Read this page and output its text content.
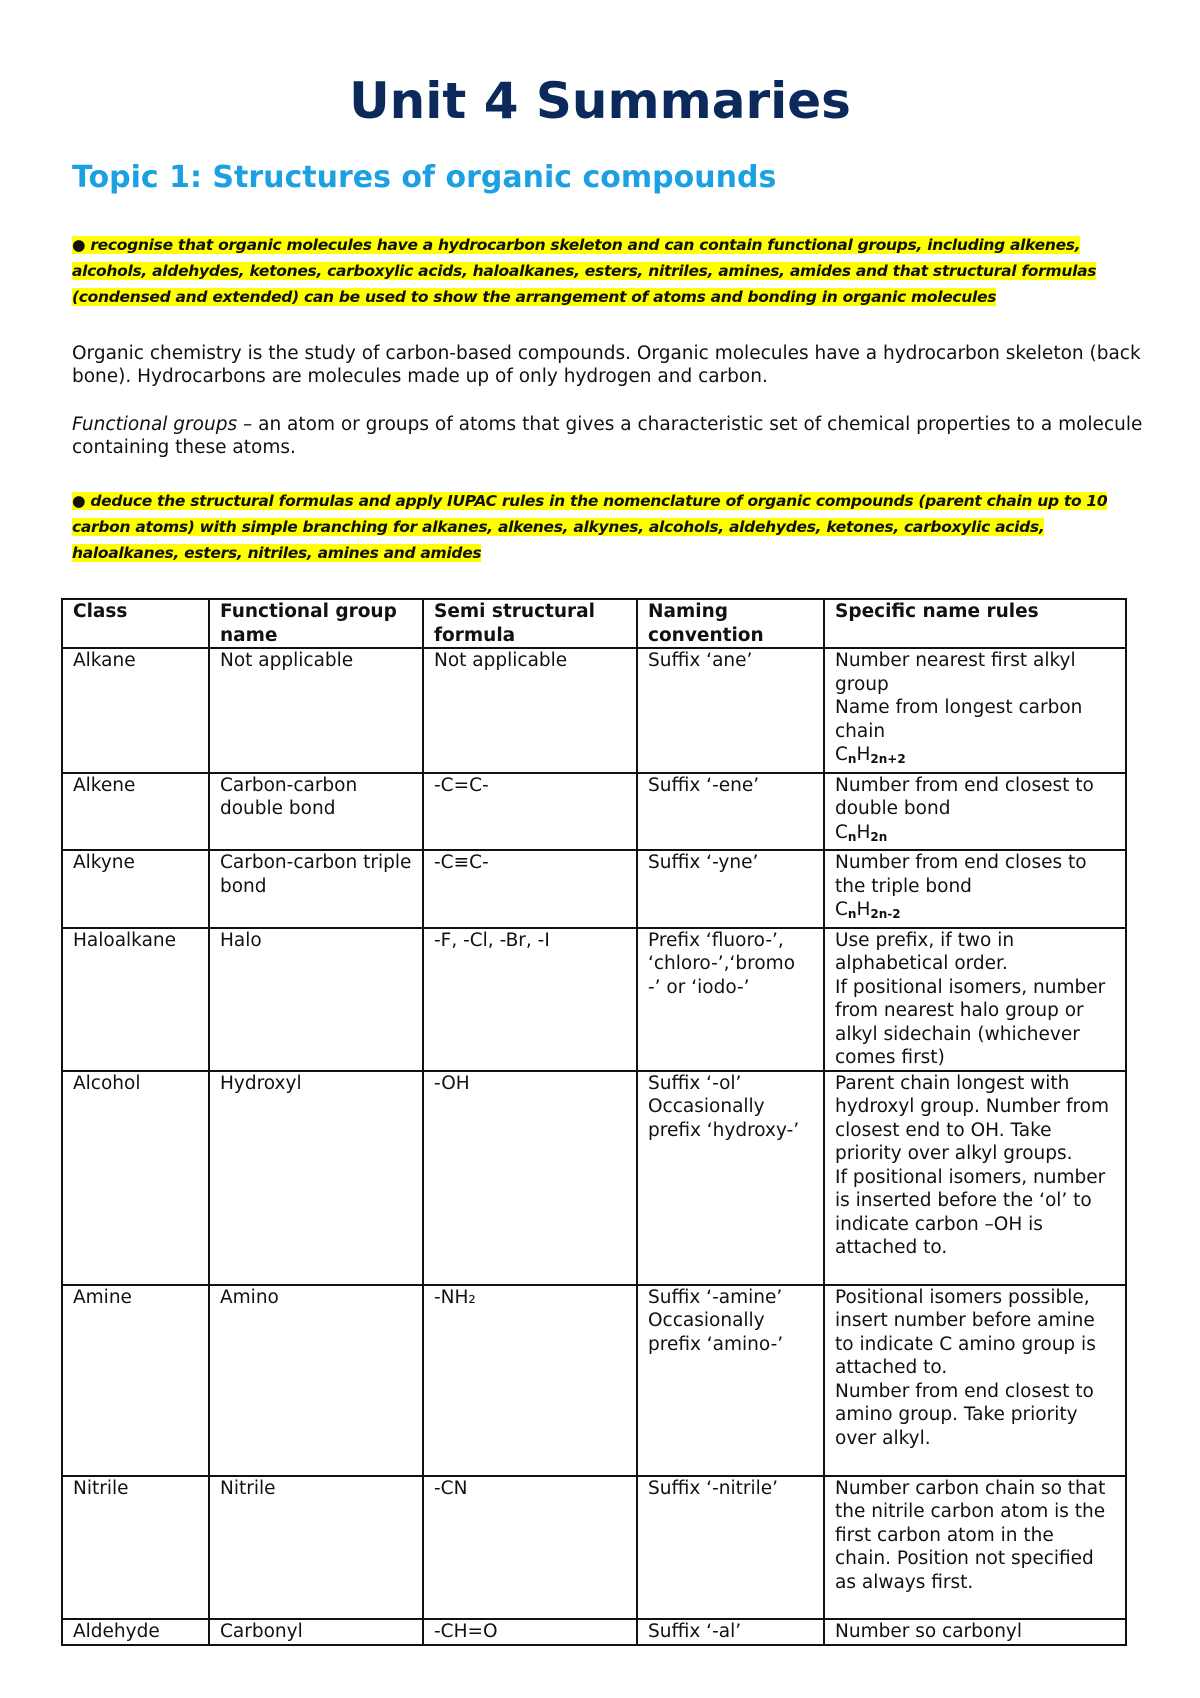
Unit 4 Summaries
Topic 1: Structures of organic compounds
● recognise that organic molecules have a hydrocarbon skeleton and can contain functional groups, including alkenes, alcohols, aldehydes, ketones, carboxylic acids, haloalkanes, esters, nitriles, amines, amides and that structural formulas (condensed and extended) can be used to show the arrangement of atoms and bonding in organic molecules
Organic chemistry is the study of carbon-based compounds. Organic molecules have a hydrocarbon skeleton (back bone). Hydrocarbons are molecules made up of only hydrogen and carbon.
Functional groups – an atom or groups of atoms that gives a characteristic set of chemical properties to a molecule containing these atoms.
● deduce the structural formulas and apply IUPAC rules in the nomenclature of organic compounds (parent chain up to 10 carbon atoms) with simple branching for alkanes, alkenes, alkynes, alcohols, aldehydes, ketones, carboxylic acids, haloalkanes, esters, nitriles, amines and amides
Class	Functional group name	Semi structural formula	Naming convention	Specific name rules
Alkane	Not applicable	Not applicable	Suffix ‘ane’	Number nearest first alkyl group
Name from longest carbon chain
$C_nH_{2n+2}$

Alkene	Carbon-carbon double bond	-C=C-	Suffix ‘-ene’	Number from end closest to double bond
$C_nH_{2n}$

Alkyne	Carbon-carbon triple bond	-C≡C-	Suffix ‘-yne’	Number from end closes to the triple bond
$C_nH_{2n-2}$

Haloalkane	Halo	-F, -Cl, -Br, -I	Prefix ‘fluoro-’, ‘chloro-’,‘bromo -’ or ‘iodo-’	Use prefix, if two in alphabetical order.
If positional isomers, number from nearest halo group or alkyl sidechain (whichever comes first)

Alcohol	Hydroxyl	-OH	Suffix ‘-ol’ Occasionally prefix ‘hydroxy-’	Parent chain longest with hydroxyl group. Number from closest end to OH. Take priority over alkyl groups.
If positional isomers, number is inserted before the ‘ol’ to indicate carbon –OH is attached to.

Amine	Amino	-NH₂	Suffix ‘-amine’ Occasionally prefix ‘amino-’	Positional isomers possible, insert number before amine to indicate C amino group is attached to.
Number from end closest to amino group. Take priority over alkyl.

Nitrile	Nitrile	-CN	Suffix ‘-nitrile’	Number carbon chain so that the nitrile carbon atom is the first carbon atom in the chain. Position not specified as always first.

Aldehyde	Carbonyl	-CH=O	Suffix ‘-al’	Number so carbonyl
